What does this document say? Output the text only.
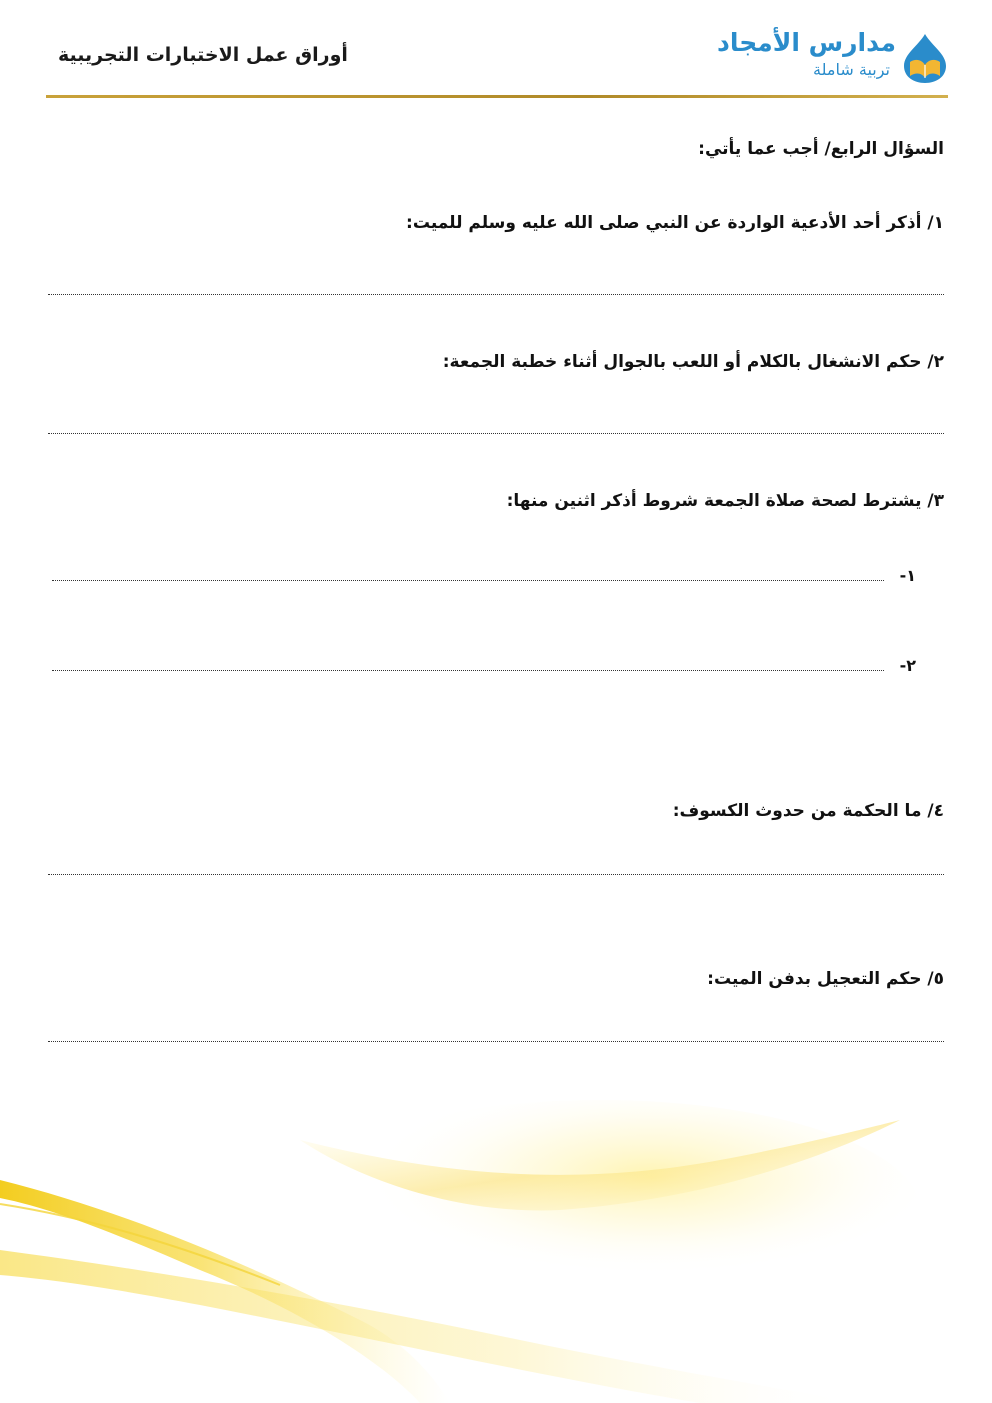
أوراق عمل الاختبارات التجريبية	مدارس الأمجاد
تربية شاملة
السؤال الرابع/ أجب عما يأتي:
١/ أذكر أحد الأدعية الواردة عن النبي صلى الله عليه وسلم للميت:
٢/ حكم الانشغال بالكلام أو اللعب بالجوال أثناء خطبة الجمعة:
٣/ يشترط لصحة صلاة الجمعة شروط أذكر اثنين منها:
١-
٢-
٤/ ما الحكمة من حدوث الكسوف:
٥/ حكم التعجيل بدفن الميت:
